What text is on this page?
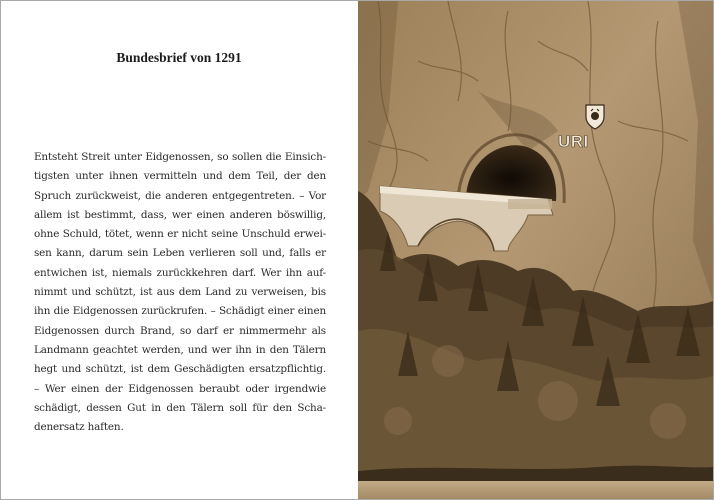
Bundesbrief von 1291
Entsteht Streit unter Eidgenossen, so sollen die Einsich-
tigsten unter ihnen vermitteln und dem Teil, der den
Spruch zurückweist, die anderen entgegentreten. – Vor
allem ist bestimmt, dass, wer einen anderen böswillig,
ohne Schuld, tötet, wenn er nicht seine Unschuld erwei-
sen kann, darum sein Leben verlieren soll und, falls er
entwichen ist, niemals zurückkehren darf. Wer ihn auf-
nimmt und schützt, ist aus dem Land zu verweisen, bis
ihn die Eidgenossen zurückrufen. – Schädigt einer einen
Eidgenossen durch Brand, so darf er nimmermehr als
Landmann geachtet werden, und wer ihn in den Tälern
hegt und schützt, ist dem Geschädigten ersatzpflichtig.
– Wer einen der Eidgenossen beraubt oder irgendwie
schädigt, dessen Gut in den Tälern soll für den Scha-
denersatz haften.
URI
